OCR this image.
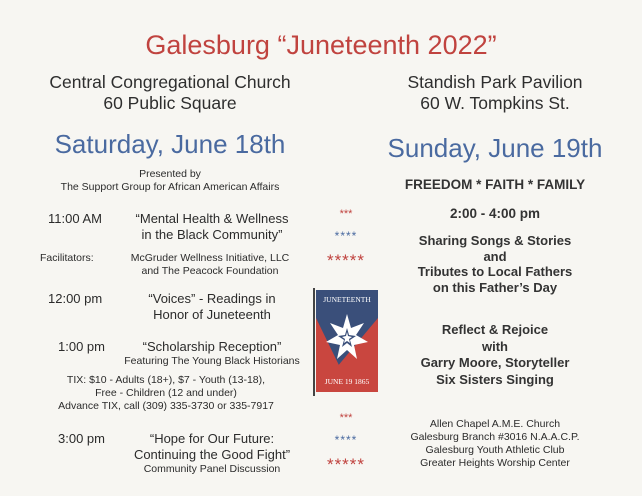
Galesburg “Juneteenth 2022”
Central Congregational Church
60 Public Square
Saturday, June 18th
Presented by
The Support Group for African American Affairs
11:00 AM	“Mental Health & Wellness
in the Black Community”
Facilitators:	McGruder Wellness Initiative, LLC
and The Peacock Foundation
12:00 pm	“Voices” - Readings in
Honor of Juneteenth
1:00 pm	“Scholarship Reception”
Featuring The Young Black Historians
TIX: $10 - Adults (18+), $7 - Youth (13-18),
Free - Children (12 and under)
Advance TIX, call (309) 335-3730 or 335-7917
3:00 pm	“Hope for Our Future:
Continuing the Good Fight”
Community Panel Discussion
***
****
*****
***
****
*****
JUNETEENTH
JUNE 19 1865
Standish Park Pavilion
60 W. Tompkins St.
Sunday, June 19th
FREEDOM * FAITH * FAMILY
2:00 - 4:00 pm
Sharing Songs & Stories
and
Tributes to Local Fathers
on this Father’s Day
Reflect & Rejoice
with
Garry Moore, Storyteller
Six Sisters Singing
Allen Chapel A.M.E. Church
Galesburg Branch #3016 N.A.A.C.P.
Galesburg Youth Athletic Club
Greater Heights Worship Center
